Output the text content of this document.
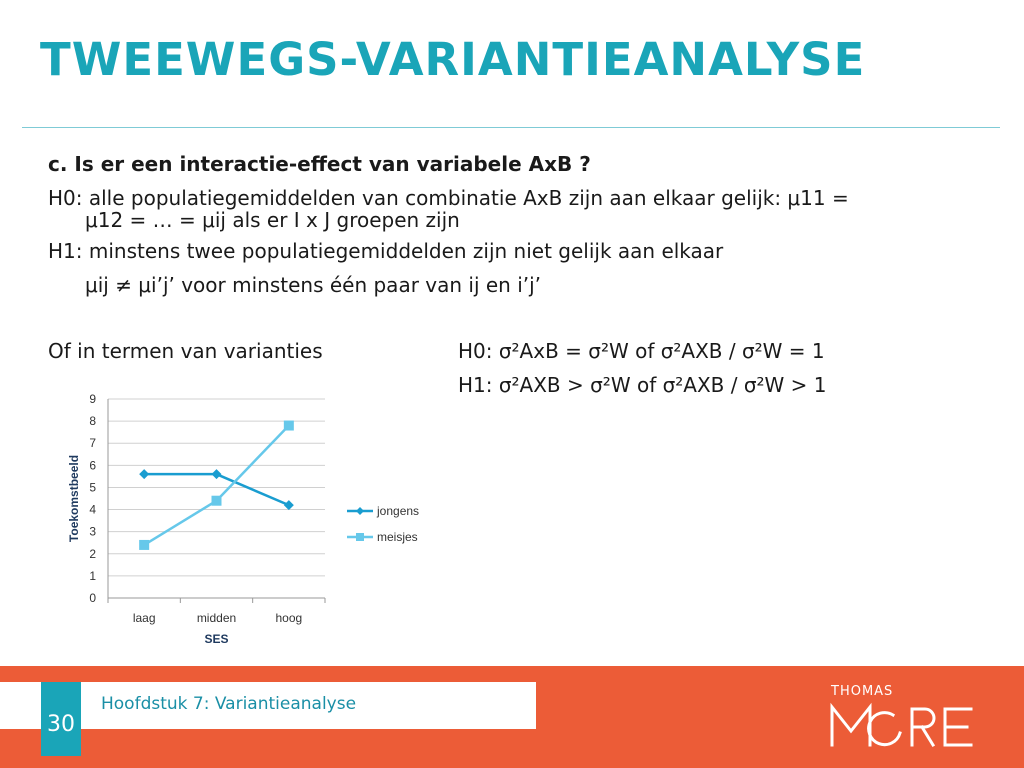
TWEEWEGS-VARIANTIEANALYSE
c. Is er een interactie-effect van variabele AxB ?
H0: alle populatiegemiddelden van combinatie AxB zijn aan elkaar gelijk: μ11 =
μ12 = … = μij als er I x J groepen zijn
H1: minstens twee populatiegemiddelden zijn niet gelijk aan elkaar
μij ≠ μi’j’ voor minstens één paar van ij en i’j’
Of in termen van varianties	H0: σ²AxB = σ²W of σ²AXB / σ²W = 1
H1: σ²AXB > σ²W of σ²AXB / σ²W > 1
0
1
2
3
4
5
6
7
8
9
laag	midden	hoog
SES
Toekomstbeeld	jongens
meisjes
30
Hoofdstuk 7: Variantieanalyse
THOMAS
